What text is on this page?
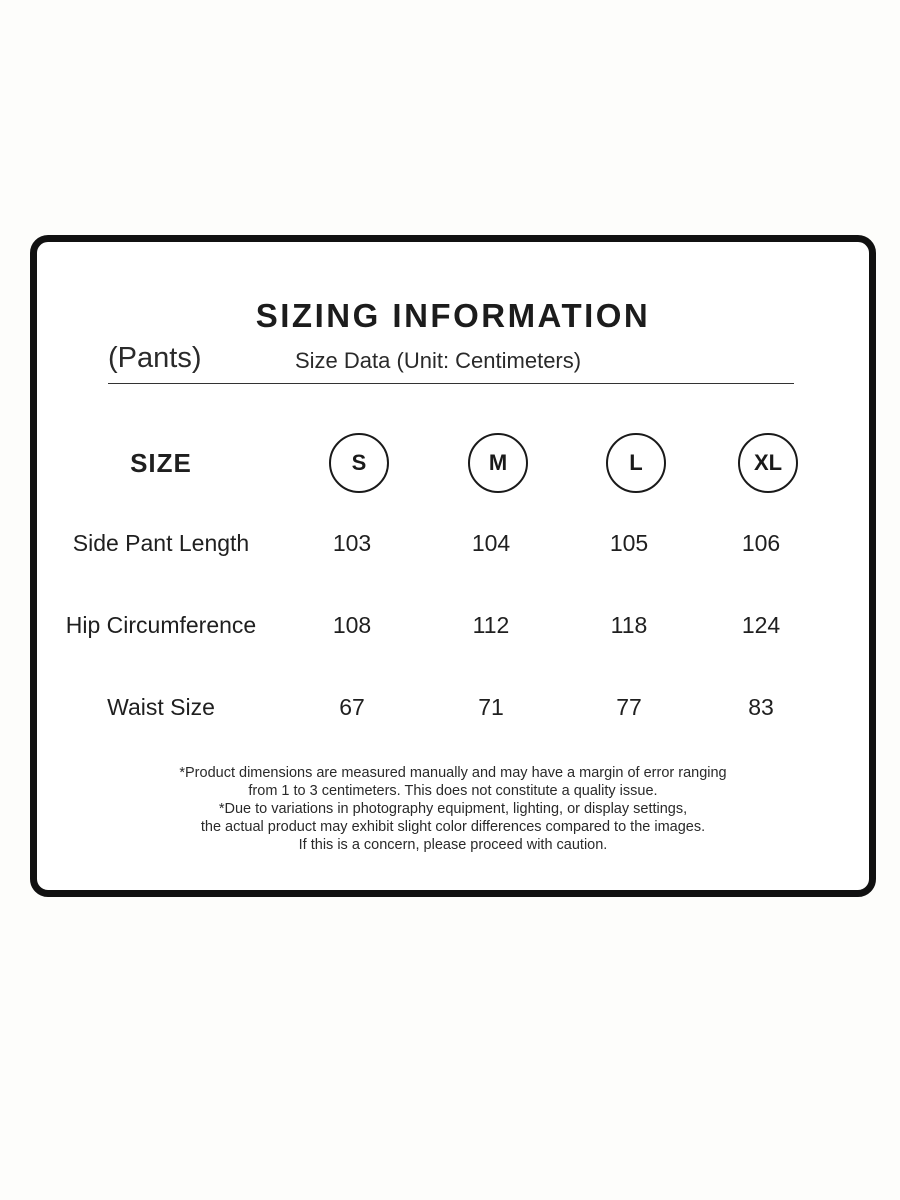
SIZING INFORMATION
(Pants)	Size Data (Unit: Centimeters)
SIZE	S	M	L	XL
Side Pant Length	103	104	105	106
Hip Circumference	108	112	118	124
Waist Size	67	71	77	83
*Product dimensions are measured manually and may have a margin of error ranging
from 1 to 3 centimeters. This does not constitute a quality issue.
*Due to variations in photography equipment, lighting, or display settings,
the actual product may exhibit slight color differences compared to the images.
If this is a concern, please proceed with caution.
